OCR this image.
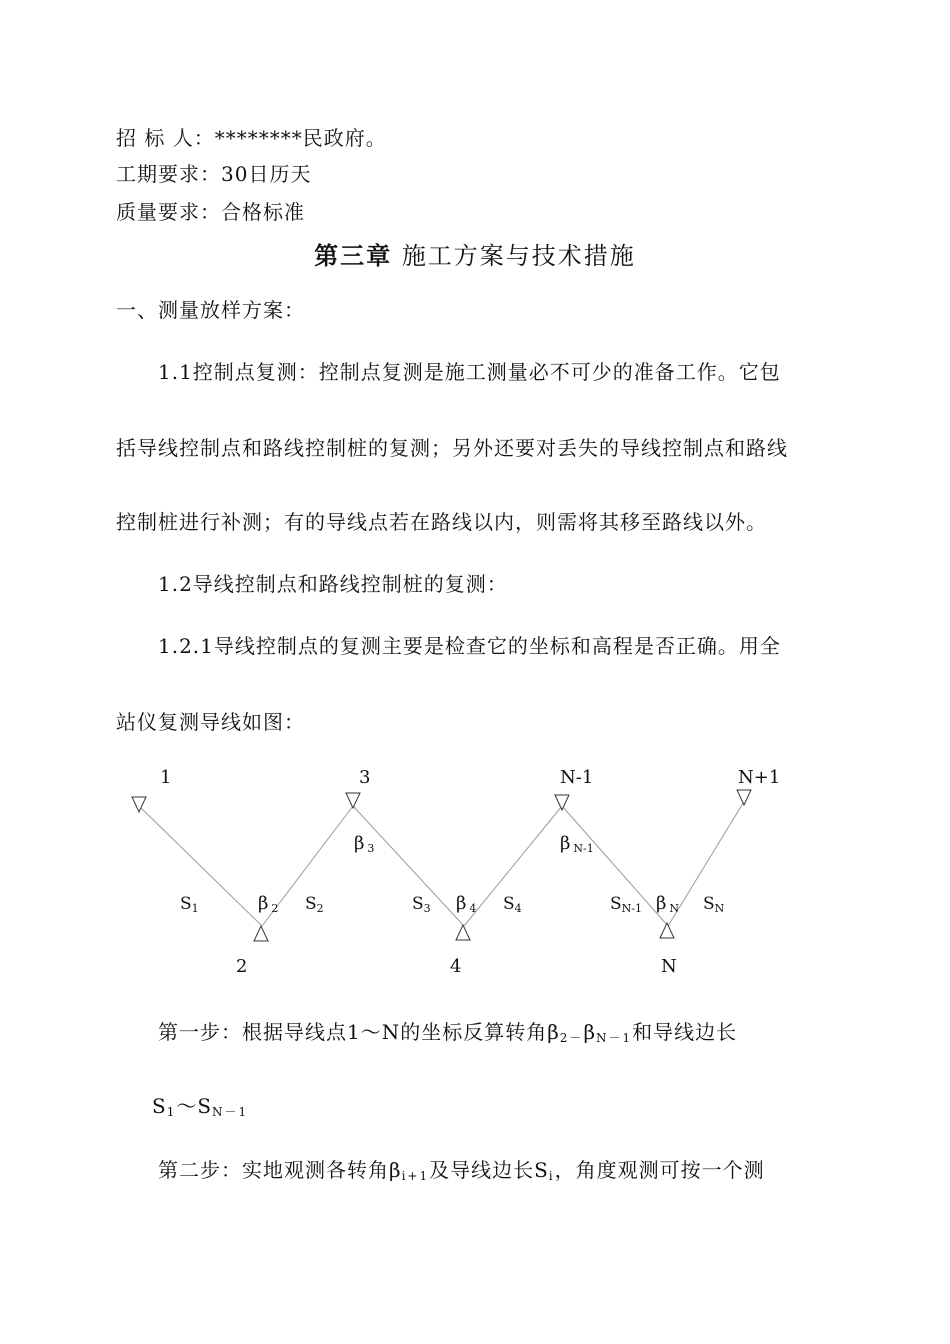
招 标 人：********民政府。
工期要求：30日历天
质量要求：合格标准
第三章 施工方案与技术措施
一、测量放样方案：
1.1控制点复测：控制点复测是施工测量必不可少的准备工作。它包
括导线控制点和路线控制桩的复测；另外还要对丢失的导线控制点和路线
控制桩进行补测；有的导线点若在路线以内，则需将其移至路线以外。
1.2导线控制点和路线控制桩的复测：
1.2.1导线控制点的复测主要是检查它的坐标和高程是否正确。用全
站仪复测导线如图：
1	3	N-1	N+1
2	4	N
S1	S2	S3	S4	SN-1	SN
β 2
β 3
β 4
β N-1
β N
第一步：根据导线点1～N的坐标反算转角$\beta_{2-}\beta_{N-1}$和导线边长
$S_1\sim S_{N-1}$
第二步：实地观测各转角$\beta_{i+1}$及导线边长$S_i$，角度观测可按一个测
